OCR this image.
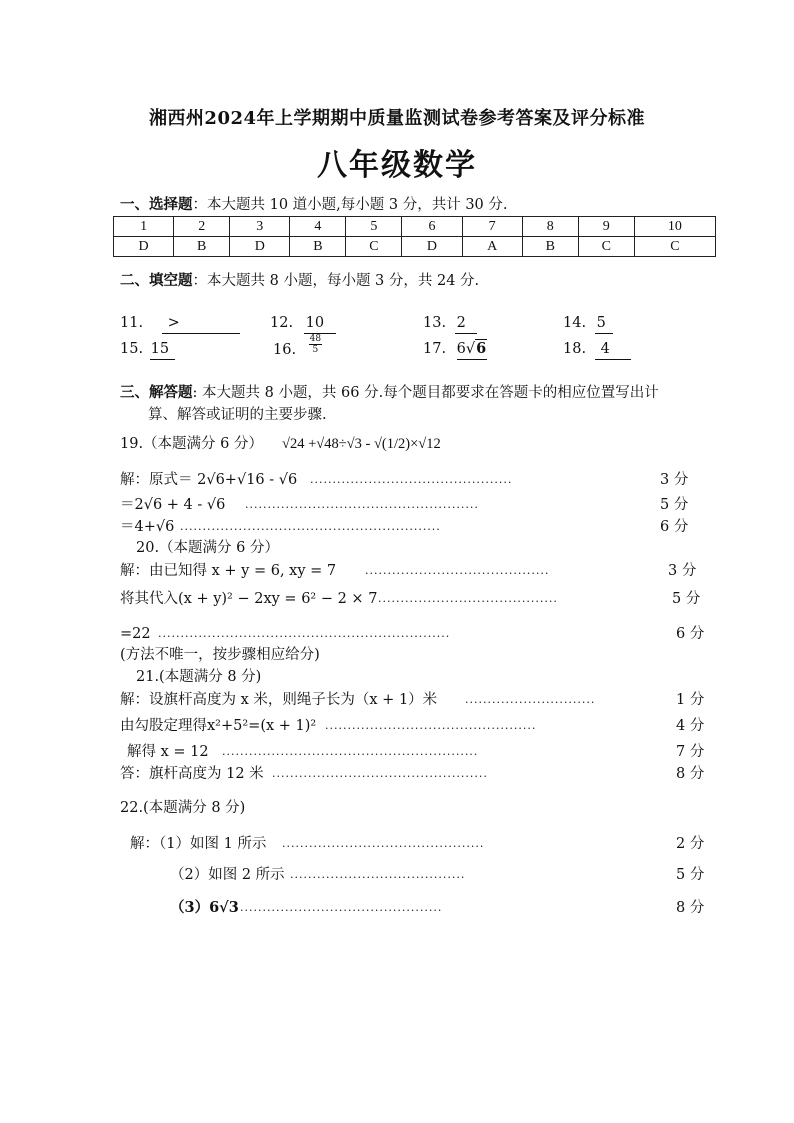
湘西州2024年上学期期中质量监测试卷参考答案及评分标准
八年级数学
一、选择题：本大题共 10 道小题,每小题 3 分，共计 30 分.
1	2	3	4	5	6	7	8	9	10
D	B	D	B	C	D	A	B	C	C
二、填空题：本大题共 8 小题，每小题 3 分，共 24 分.
11. >	12. 10	13. 2	14. 5
15. 15	16. $\frac{48}{5}$	17. 6√6	18. 4
三、解答题: 本大题共 8 小题，共 66 分.每个题目都要求在答题卡的相应位置写出计
算、解答或证明的主要步骤.
19.（本题满分 6 分） √24 +√48÷√3 - √(1/2)×√12
解：原式＝ 2√6+√16 - √6	3 分
.............................................
＝2√6 + 4 - √6 ....................................................	5 分
＝4+√6 ..........................................................	6 分
20.（本题满分 6 分）
解：由已知得 x + y = 6, xy = 7	.........................................	3 分
将其代入(x + y)² − 2xy = 6² − 2 × 7 ........................................	5 分
=22 .................................................................	6 分
(方法不唯一，按步骤相应给分)
21.(本题满分 8 分)
解：设旗杆高度为 x 米，则绳子长为（x + 1）米	.............................	1 分
由勾股定理得x²+5²=(x + 1)² ...............................................	4 分
解得 x = 12 .........................................................	7 分
答：旗杆高度为 12 米 ................................................	8 分
22.(本题满分 8 分)
解：（1）如图 1 所示 .............................................	2 分
（2）如图 2 所示 .......................................	5 分
（3）6√3 .............................................	8 分
